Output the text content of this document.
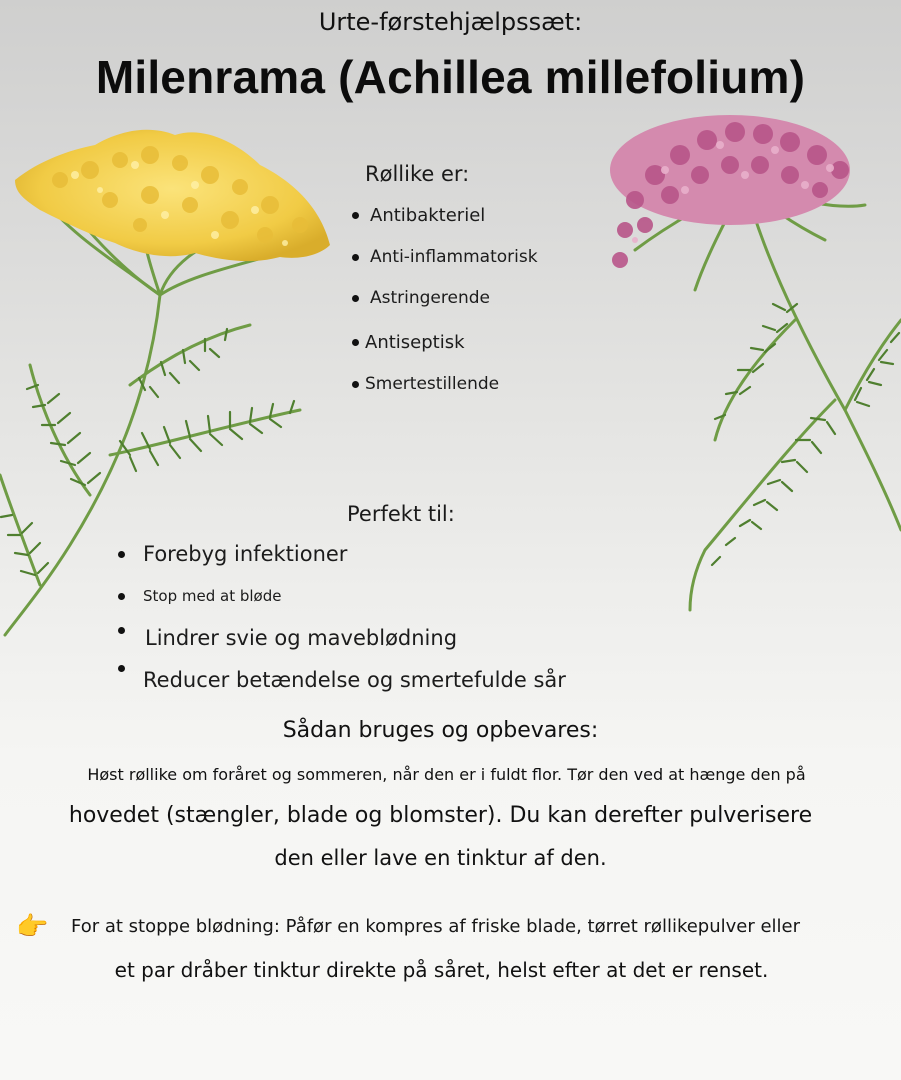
Urte-førstehjælpssæt:
Milenrama (Achillea millefolium)
Røllike er:
Antibakteriel
Anti-inflammatorisk
Astringerende
Antiseptisk
Smertestillende
Perfekt til:
Forebyg infektioner
Stop med at bløde
Lindrer svie og maveblødning
Reducer betændelse og smertefulde sår
Sådan bruges og opbevares:
Høst røllike om foråret og sommeren, når den er i fuldt flor. Tør den ved at hænge den på
hovedet (stængler, blade og blomster). Du kan derefter pulverisere
den eller lave en tinktur af den.
👉 For at stoppe blødning: Påfør en kompres af friske blade, tørret røllikepulver eller
et par dråber tinktur direkte på såret, helst efter at det er renset.
